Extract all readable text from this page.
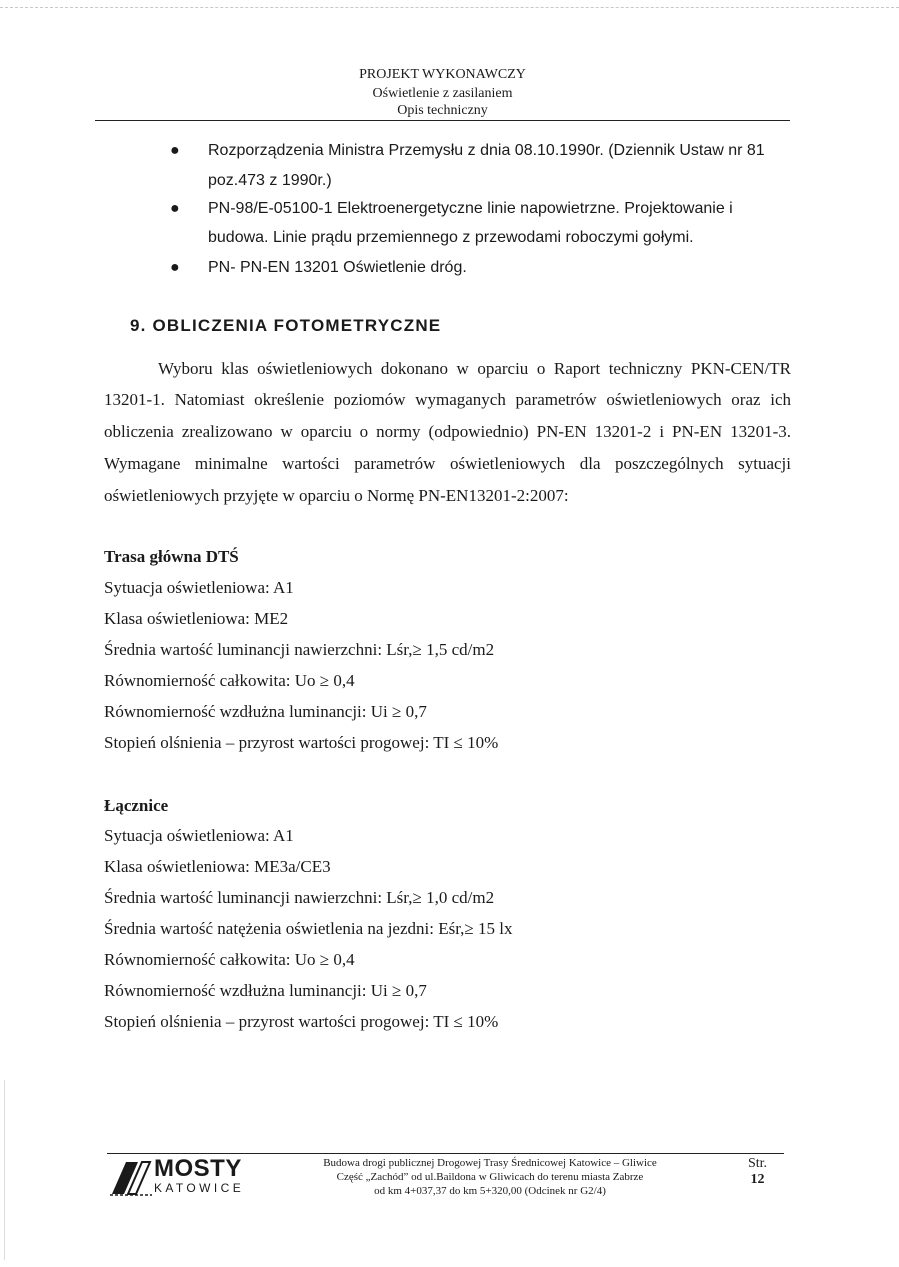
PROJEKT WYKONAWCZY
Oświetlenie z zasilaniem
Opis techniczny
● Rozporządzenia Ministra Przemysłu z dnia 08.10.1990r. (Dziennik Ustaw nr 81
poz.473 z 1990r.)
● PN-98/E-05100-1 Elektroenergetyczne linie napowietrzne. Projektowanie i
budowa. Linie prądu przemiennego z przewodami roboczymi gołymi.
● PN- PN-EN 13201 Oświetlenie dróg.
9. OBLICZENIA FOTOMETRYCZNE
Wyboru klas oświetleniowych dokonano w oparciu o Raport techniczny PKN-CEN/TR
13201-1. Natomiast określenie poziomów wymaganych parametrów oświetleniowych oraz ich
obliczenia zrealizowano w oparciu o normy (odpowiednio) PN-EN 13201-2 i PN-EN 13201-3.
Wymagane minimalne wartości parametrów oświetleniowych dla poszczególnych sytuacji
oświetleniowych przyjęte w oparciu o Normę PN-EN13201-2:2007:
Trasa główna DTŚ
Sytuacja oświetleniowa: A1
Klasa oświetleniowa: ME2
Średnia wartość luminancji nawierzchni: Lśr,≥ 1,5 cd/m2
Równomierność całkowita: Uo ≥ 0,4
Równomierność wzdłużna luminancji: Ui ≥ 0,7
Stopień olśnienia – przyrost wartości progowej: TI ≤ 10%
Łącznice
Sytuacja oświetleniowa: A1
Klasa oświetleniowa: ME3a/CE3
Średnia wartość luminancji nawierzchni: Lśr,≥ 1,0 cd/m2
Średnia wartość natężenia oświetlenia na jezdni: Eśr,≥ 15 lx
Równomierność całkowita: Uo ≥ 0,4
Równomierność wzdłużna luminancji: Ui ≥ 0,7
Stopień olśnienia – przyrost wartości progowej: TI ≤ 10%
MOSTY
KATOWICE
Budowa drogi publicznej Drogowej Trasy Średnicowej Katowice – Gliwice
Część „Zachód” od ul.Baildona w Gliwicach do terenu miasta Zabrze
od km 4+037,37 do km 5+320,00 (Odcinek nr G2/4)
Str.
12
